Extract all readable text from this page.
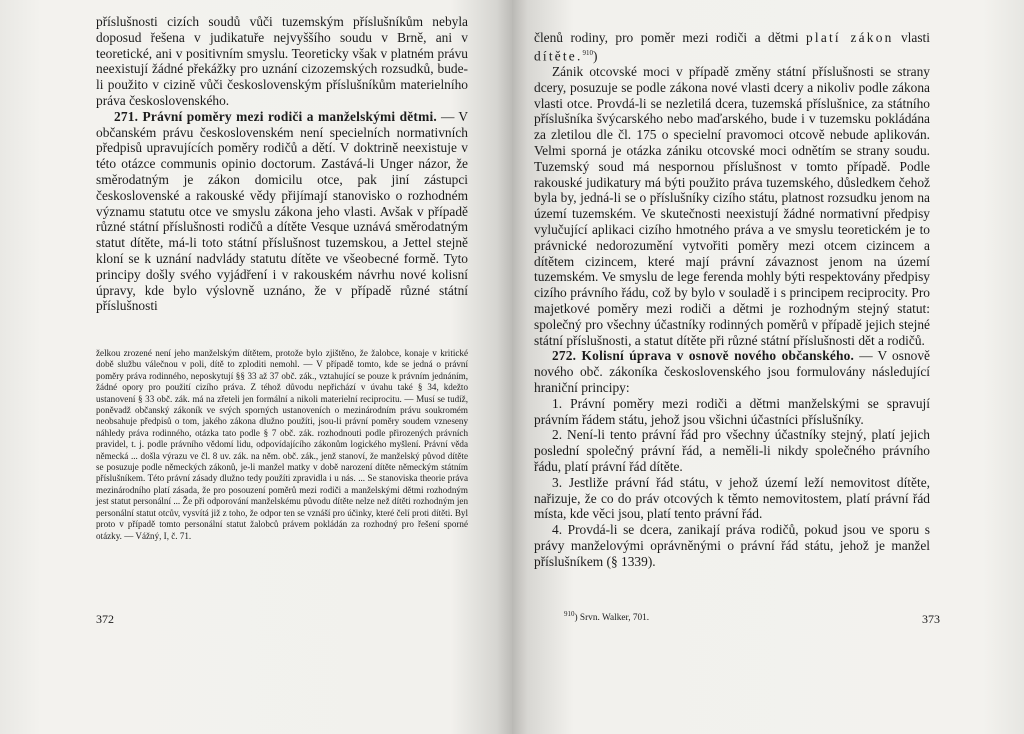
příslušnosti cizích soudů vůči tuzemským příslušníkům nebyla doposud řešena v judikatuře nejvyššího soudu v Brně, ani v teoretické, ani v positivním smyslu. Teoreticky však v platném právu neexistují žádné překážky pro uznání cizozemských rozsudků, bude-li použito v cizině vůči československým příslušníkům materielního práva československého.

271. Právní poměry mezi rodiči a manželskými dětmi. — V občanském právu československém není specielních normativních předpisů upravujících poměry rodičů a dětí. V doktrině neexistuje v této otázce communis opinio doctorum. Zastává-li Unger názor, že směrodatným je zákon domicilu otce, pak jiní zástupci československé a rakouské vědy přijímají stanovisko o rozhodném významu statutu otce ve smyslu zákona jeho vlasti. Avšak v případě různé státní příslušnosti rodičů a dítěte Vesque uznává směrodatným statut dítěte, má-li toto státní příslušnost tuzemskou, a Jettel stejně kloní se k uznání nadvlády statutu dítěte ve všeobecné formě. Tyto principy došly svého vyjádření i v rakouském návrhu nové kolisní úpravy, kde bylo výslovně uznáno, že v případě různé státní příslušnosti

želkou zrozené není jeho manželským dítětem, protože bylo zjištěno, že žalobce, konaje v kritické době službu válečnou v poli, dítě to zploditi nemohl. — V případě tomto, kde se jedná o právní poměry práva rodinného, neposkytují §§ 33 až 37 obč. zák., vztahující se pouze k právním jednáním, žádné opory pro použití cizího práva. Z téhož důvodu nepřichází v úvahu také § 34, kdežto ustanovení § 33 obč. zák. má na zřeteli jen formální a nikoli materielní reciprocitu. — Musí se tudíž, poněvadž občanský zákoník ve svých sporných ustanoveních o mezinárodním právu soukromém neobsahuje předpisů o tom, jakého zákona dlužno použíti, jsou-li právní poměry soudem vzneseny náhledy práva rodinného, otázka tato podle § 7 obč. zák. rozhodnouti podle přirozených právních pravidel, t. j. podle právního vědomí lidu, odpovídajícího zákonům logického myšlení. Právní věda německá ... došla výrazu ve čl. 8 uv. zák. na něm. obč. zák., jenž stanoví, že manželský původ dítěte se posuzuje podle německých zákonů, je-li manžel matky v době narození dítěte německým státním příslušníkem. Této právní zásady dlužno tedy použíti zpravidla i u nás. ... Se stanoviska theorie práva mezinárodního platí zásada, že pro posouzení poměrů mezi rodiči a manželskými dětmi rozhodným jest statut personální ... Že při odporování manželskému původu dítěte nelze než dítěti rozhodným jen personální statut otcův, vysvítá již z toho, že odpor ten se vznáší pro účinky, které čelí proti dítěti. Byl proto v případě tomto personální statut žalobců právem pokládán za rozhodný pro řešení sporné otázky. — Vážný, I, č. 71.
372

členů rodiny, pro poměr mezi rodiči a dětmi platí zákon vlasti dítěte.$^{910}$)

Zánik otcovské moci v případě změny státní příslušnosti se strany dcery, posuzuje se podle zákona nové vlasti dcery a nikoliv podle zákona vlasti otce. Provdá-li se nezletilá dcera, tuzemská příslušnice, za státního příslušníka švýcarského nebo maďarského, bude i v tuzemsku pokládána za zletilou dle čl. 175 o specielní pravomoci otcově nebude aplikován. Velmi sporná je otázka zániku otcovské moci odnětím se strany soudu. Tuzemský soud má nespornou příslušnost v tomto případě. Podle rakouské judikatury má býti použito práva tuzemského, důsledkem čehož byla by, jedná-li se o příslušníky cizího státu, platnost rozsudku jenom na území tuzemském. Ve skutečnosti neexistují žádné normativní předpisy vylučující aplikaci cizího hmotného práva a ve smyslu teoretickém je to právnické nedorozumění vytvořiti poměry mezi otcem cizincem a dítětem cizincem, které mají právní závaznost jenom na území tuzemském. Ve smyslu de lege ferenda mohly býti respektovány předpisy cizího právního řádu, což by bylo v souladě i s principem reciprocity. Pro majetkové poměry mezi rodiči a dětmi je rozhodným stejný statut: společný pro všechny účastníky rodinných poměrů v případě jejich stejné státní příslušnosti, a statut dítěte při různé státní příslušnosti dět a rodičů.

272. Kolisní úprava v osnově nového občanského. — V osnově nového obč. zákoníka československého jsou formulovány následující hraniční principy:

1. Právní poměry mezi rodiči a dětmi manželskými se spravují právním řádem státu, jehož jsou všichni účastníci příslušníky.

2. Není-li tento právní řád pro všechny účastníky stejný, platí jejich poslední společný právní řád, a neměli-li nikdy společného právního řádu, platí právní řád dítěte.

3. Jestliže právní řád státu, v jehož území leží nemovitost dítěte, nařizuje, že co do práv otcových k těmto nemovitostem, platí právní řád místa, kde věci jsou, platí tento právní řád.

4. Provdá-li se dcera, zanikají práva rodičů, pokud jsou ve sporu s právy manželovými oprávněnými o právní řád státu, jehož je manžel příslušníkem (§ 1339).

$^{910}$) Srvn. Walker, 701.	373
